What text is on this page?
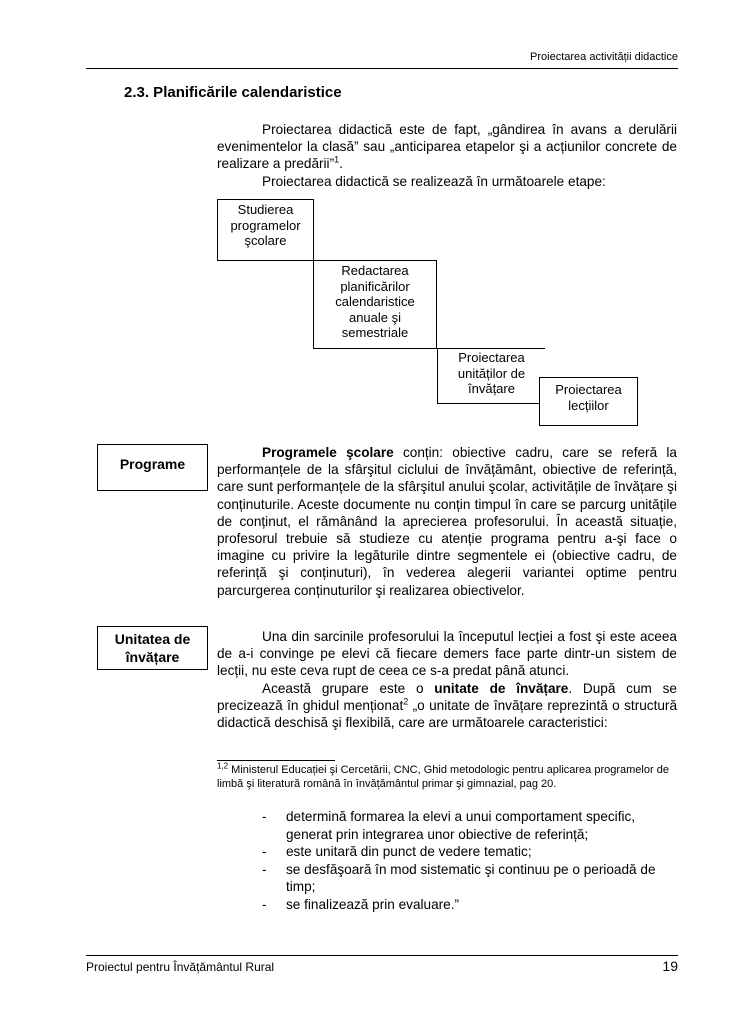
Proiectarea activității didactice
2.3. Planificările calendaristice

Proiectarea didactică este de fapt, „gândirea în avans a derulării evenimentelor la clasă” sau „anticiparea etapelor şi a acțiunilor concrete de realizare a predării”$^1$.

Proiectarea didactică se realizează în următoarele etape:

Studierea programelor şcolare
Redactarea planificărilor calendaristice anuale şi semestriale
Proiectarea unităților de învățare	Proiectarea lecțiilor
Programe

Programele şcolare conțin: obiective cadru, care se referă la performanțele de la sfârşitul ciclului de învățământ, obiective de referință, care sunt performanțele de la sfârşitul anului şcolar, activitățile de învățare şi conținuturile. Aceste documente nu conțin timpul în care se parcurg unitățile de conținut, el rămânând la aprecierea profesorului. În această situație, profesorul trebuie să studieze cu atenție programa pentru a-şi face o imagine cu privire la legăturile dintre segmentele ei (obiective cadru, de referință şi conținuturi), în vederea alegerii variantei optime pentru parcurgerea conținuturilor şi realizarea obiectivelor.

Unitatea de
învățare

Una din sarcinile profesorului la începutul lecției a fost şi este aceea de a-i convinge pe elevi că fiecare demers face parte dintr-un sistem de lecții, nu este ceva rupt de ceea ce s-a predat până atunci.

Această grupare este o unitate de învățare. După cum se precizează în ghidul menționat$^2$ „o unitate de învățare reprezintă o structură didactică deschisă şi flexibilă, care are următoarele caracteristici:

$^{1,2}$ Ministerul Educației şi Cercetării, CNC, Ghid metodologic pentru aplicarea programelor de limbă şi literatură română în învățământul primar şi gimnazial, pag 20.
-	determină formarea la elevi a unui comportament specific, generat prin integrarea unor obiective de referință;
-	este unitară din punct de vedere tematic;
-	se desfăşoară în mod sistematic şi continuu pe o perioadă de timp;
-	se finalizează prin evaluare.”
Proiectul pentru Învățământul Rural	19
